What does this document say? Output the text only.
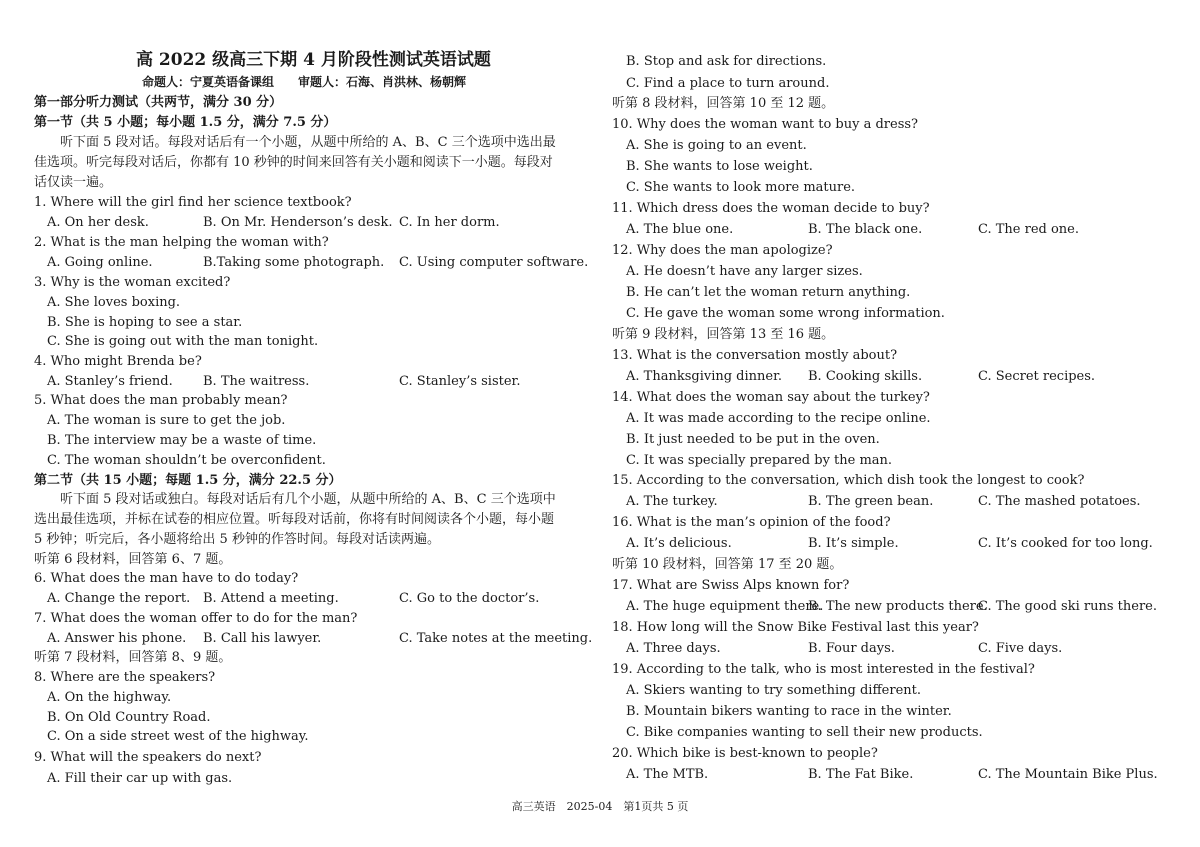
高 2022 级高三下期 4 月阶段性测试英语试题
命题人：宁夏英语备课组　　审题人：石海、肖洪林、杨朝辉
第一部分听力测试（共两节，满分 30 分）
第一节（共 5 小题；每小题 1.5 分，满分 7.5 分）
听下面 5 段对话。每段对话后有一个小题，从题中所给的 A、B、C 三个选项中选出最
佳选项。听完每段对话后，你都有 10 秒钟的时间来回答有关小题和阅读下一小题。每段对
话仅读一遍。
1. Where will the girl find her science textbook?
A. On her desk.	B. On Mr. Henderson’s desk. C. In her dorm.
2. What is the man helping the woman with?
A. Going online.	B.Taking some photograph. C. Using computer software.
3. Why is the woman excited?
A. She loves boxing.
B. She is hoping to see a star.
C. She is going out with the man tonight.
4. Who might Brenda be?
A. Stanley’s friend. B. The waitress.	C. Stanley’s sister.
5. What does the man probably mean?
A. The woman is sure to get the job.
B. The interview may be a waste of time.
C. The woman shouldn’t be overconfident.
第二节（共 15 小题；每题 1.5 分，满分 22.5 分）
听下面 5 段对话或独白。每段对话后有几个小题，从题中所给的 A、B、C 三个选项中
选出最佳选项，并标在试卷的相应位置。听每段对话前，你将有时间阅读各个小题，每小题
5 秒钟；听完后，各小题将给出 5 秒钟的作答时间。每段对话读两遍。
听第 6 段材料，回答第 6、7 题。
6. What does the man have to do today?
A. Change the report. B. Attend a meeting.	C. Go to the doctor’s.
7. What does the woman offer to do for the man?
A. Answer his phone. B. Call his lawyer.	C. Take notes at the meeting.
听第 7 段材料，回答第 8、9 题。
8. Where are the speakers?
A. On the highway.
B. On Old Country Road.
C. On a side street west of the highway.
9. What will the speakers do next?
A. Fill their car up with gas.
B. Stop and ask for directions.
C. Find a place to turn around.
听第 8 段材料，回答第 10 至 12 题。
10. Why does the woman want to buy a dress?
A. She is going to an event.
B. She wants to lose weight.
C. She wants to look more mature.
11. Which dress does the woman decide to buy?
A. The blue one.	B. The black one.	C. The red one.
12. Why does the man apologize?
A. He doesn’t have any larger sizes.
B. He can’t let the woman return anything.
C. He gave the woman some wrong information.
听第 9 段材料，回答第 13 至 16 题。
13. What is the conversation mostly about?
A. Thanksgiving dinner. B. Cooking skills.	C. Secret recipes.
14. What does the woman say about the turkey?
A. It was made according to the recipe online.
B. It just needed to be put in the oven.
C. It was specially prepared by the man.
15. According to the conversation, which dish took the longest to cook?
A. The turkey.	B. The green bean.	C. The mashed potatoes.
16. What is the man’s opinion of the food?
A. It’s delicious.	B. It’s simple.	C. It’s cooked for too long.
听第 10 段材料，回答第 17 至 20 题。
17. What are Swiss Alps known for?
A. The huge equipment there.
B. The new products there.
C. The good ski runs there.
18. How long will the Snow Bike Festival last this year?
A. Three days.	B. Four days.	C. Five days.
19. According to the talk, who is most interested in the festival?
A. Skiers wanting to try something different.
B. Mountain bikers wanting to race in the winter.
C. Bike companies wanting to sell their new products.
20. Which bike is best-known to people?
A. The MTB.	B. The Fat Bike.	C. The Mountain Bike Plus.
高三英语　2025-04　第1页共 5 页
